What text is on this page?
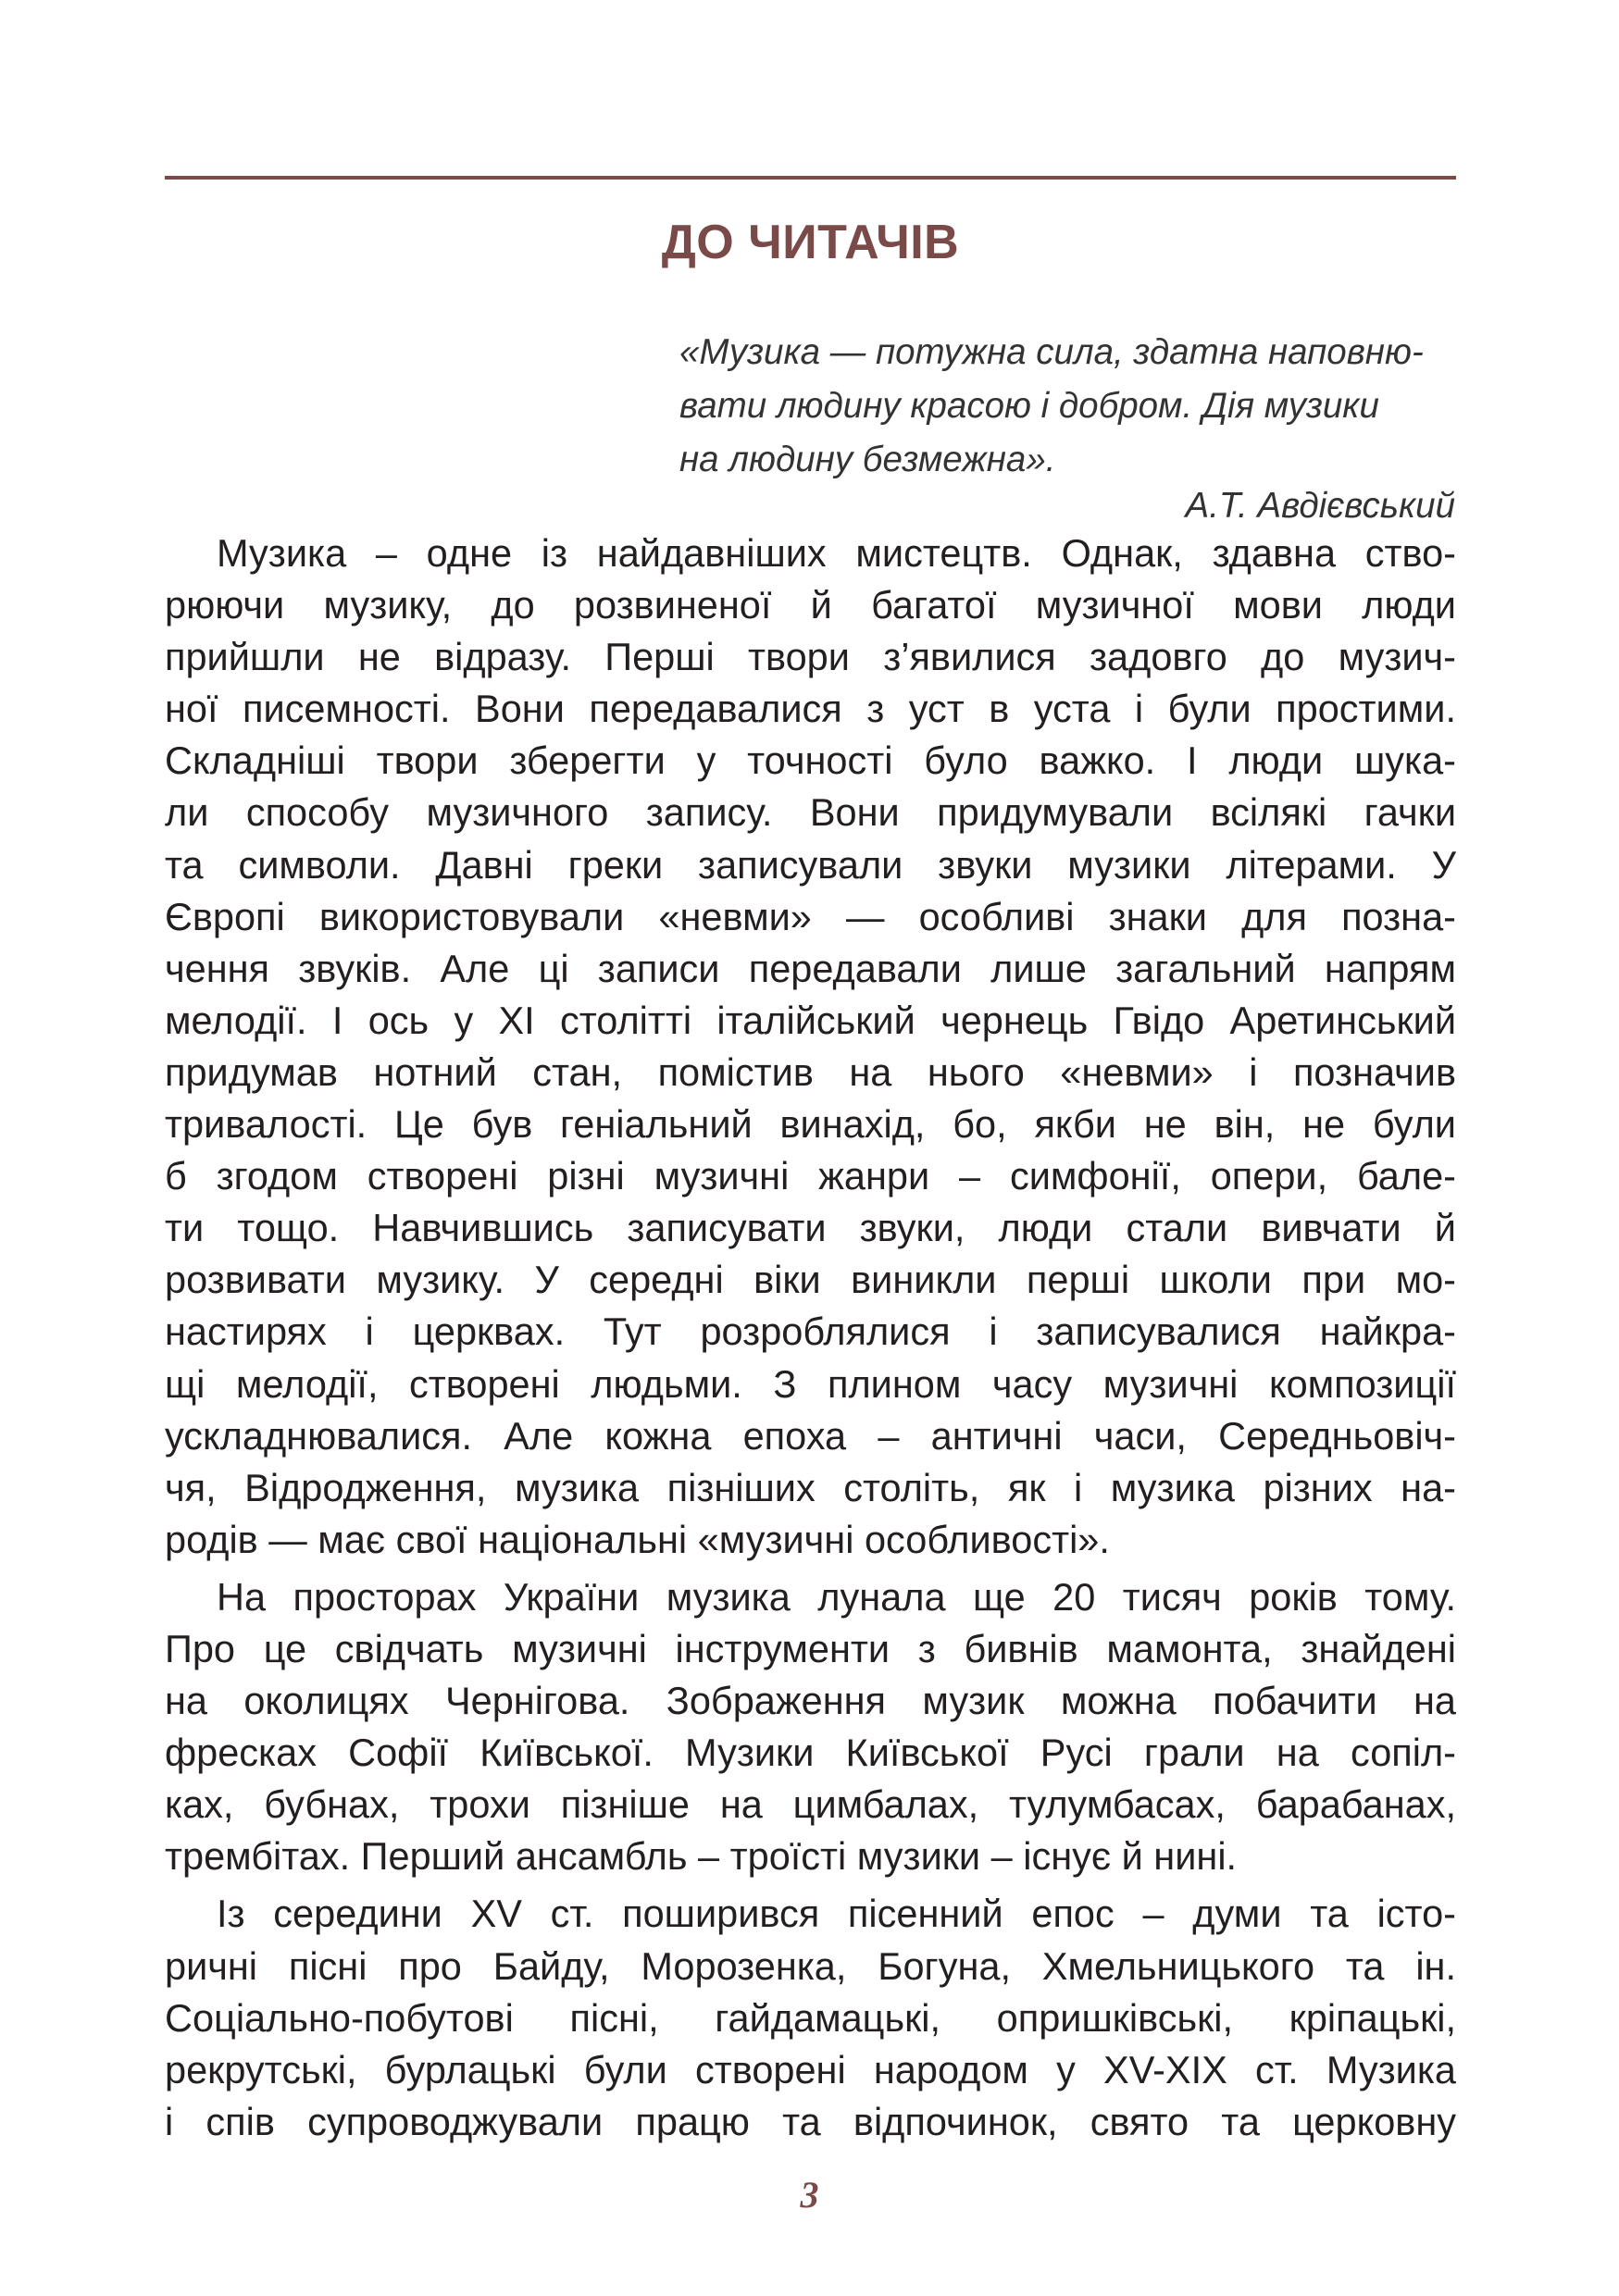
ДО ЧИТАЧІВ
«Музика — потужна сила, здатна наповню-
вати людину красою і добром. Дія музики
на людину безмежна».
А.Т. Авдієвський
Музика – одне із найдавніших мистецтв. Однак, здавна ство-
рюючи музику, до розвиненої й багатої музичної мови люди
прийшли не відразу. Перші твори з’явилися задовго до музич-
ної писемності. Вони передавалися з уст в уста і були простими.
Складніші твори зберегти у точності було важко. І люди шука-
ли способу музичного запису. Вони придумували всілякі гачки
та символи. Давні греки записували звуки музики літерами. У
Європі використовували «невми» — особливі знаки для позна-
чення звуків. Але ці записи передавали лише загальний напрям
мелодії. І ось у XI столітті італійський чернець Гвідо Аретинський
придумав нотний стан, помістив на нього «невми» і позначив
тривалості. Це був геніальний винахід, бо, якби не він, не були
б згодом створені різні музичні жанри – симфонії, опери, бале-
ти тощо. Навчившись записувати звуки, люди стали вивчати й
розвивати музику. У середні віки виникли перші школи при мо-
настирях і церквах. Тут розроблялися і записувалися найкра-
щі мелодії, створені людьми. З плином часу музичні композиції
ускладнювалися. Але кожна епоха – античні часи, Середньовіч-
чя, Відродження, музика пізніших століть, як і музика різних на-
родів — має свої національні «музичні особливості».
На просторах України музика лунала ще 20 тисяч років тому.
Про це свідчать музичні інструменти з бивнів мамонта, знайдені
на околицях Чернігова. Зображення музик можна побачити на
фресках Софії Київської. Музики Київської Русі грали на сопіл-
ках, бубнах, трохи пізніше на цимбалах, тулумбасах, барабанах,
трембітах. Перший ансамбль – троїсті музики – існує й нині.
Із середини XV ст. поширився пісенний епос – думи та істо-
ричні пісні про Байду, Морозенка, Богуна, Хмельницького та ін.
Соціально-побутові пісні, гайдамацькі, опришківські, кріпацькі,
рекрутські, бурлацькі були створені народом у XV-XIX ст. Музика
і спів супроводжували працю та відпочинок, свято та церковну
3
